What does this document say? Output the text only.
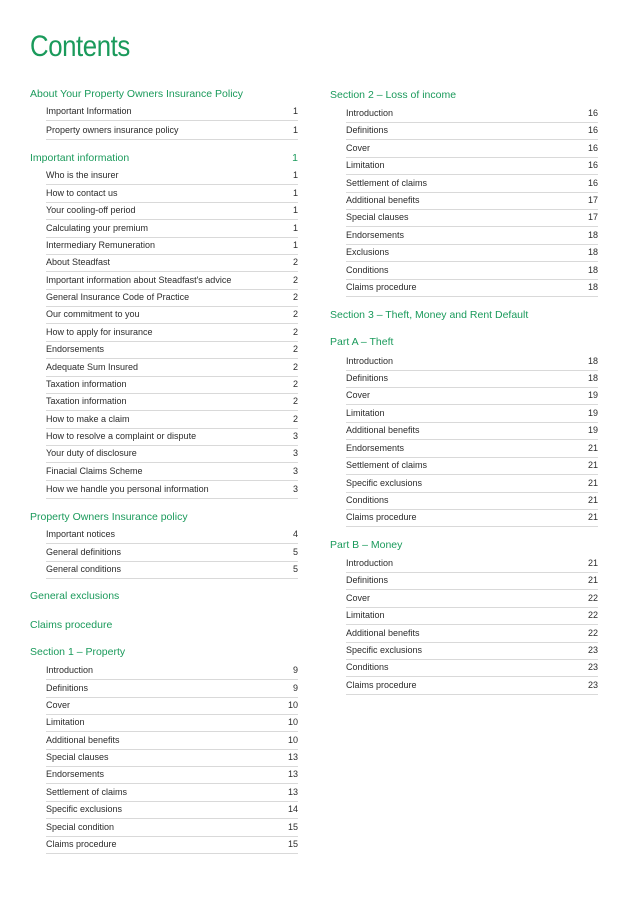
Contents
About Your Property Owners Insurance Policy
Important Information	1
Property owners insurance policy	1
Important information	1
Who is the insurer	1
How to contact us	1
Your cooling-off period	1
Calculating your premium	1
Intermediary Remuneration	1
About Steadfast	2
Important information about Steadfast's advice	2
General Insurance Code of Practice	2
Our commitment to you	2
How to apply for insurance	2
Endorsements	2
Adequate Sum Insured	2
Taxation information	2
Taxation information	2
How to make a claim	2
How to resolve a complaint or dispute	3
Your duty of disclosure	3
Finacial Claims Scheme	3
How we handle you personal information	3
Property Owners Insurance policy
Important notices	4
General definitions	5
General conditions	5
General exclusions
Claims procedure
Section 1 – Property
Introduction	9
Definitions	9
Cover	10
Limitation	10
Additional benefits	10
Special clauses	13
Endorsements	13
Settlement of claims	13
Specific exclusions	14
Special condition	15
Claims procedure	15
Section 2 – Loss of income
Introduction	16
Definitions	16
Cover	16
Limitation	16
Settlement of claims	16
Additional benefits	17
Special clauses	17
Endorsements	18
Exclusions	18
Conditions	18
Claims procedure	18
Section 3 – Theft, Money and Rent Default
Part A – Theft
Introduction	18
Definitions	18
Cover	19
Limitation	19
Additional benefits	19
Endorsements	21
Settlement of claims	21
Specific exclusions	21
Conditions	21
Claims procedure	21
Part B – Money
Introduction	21
Definitions	21
Cover	22
Limitation	22
Additional benefits	22
Specific exclusions	23
Conditions	23
Claims procedure	23
